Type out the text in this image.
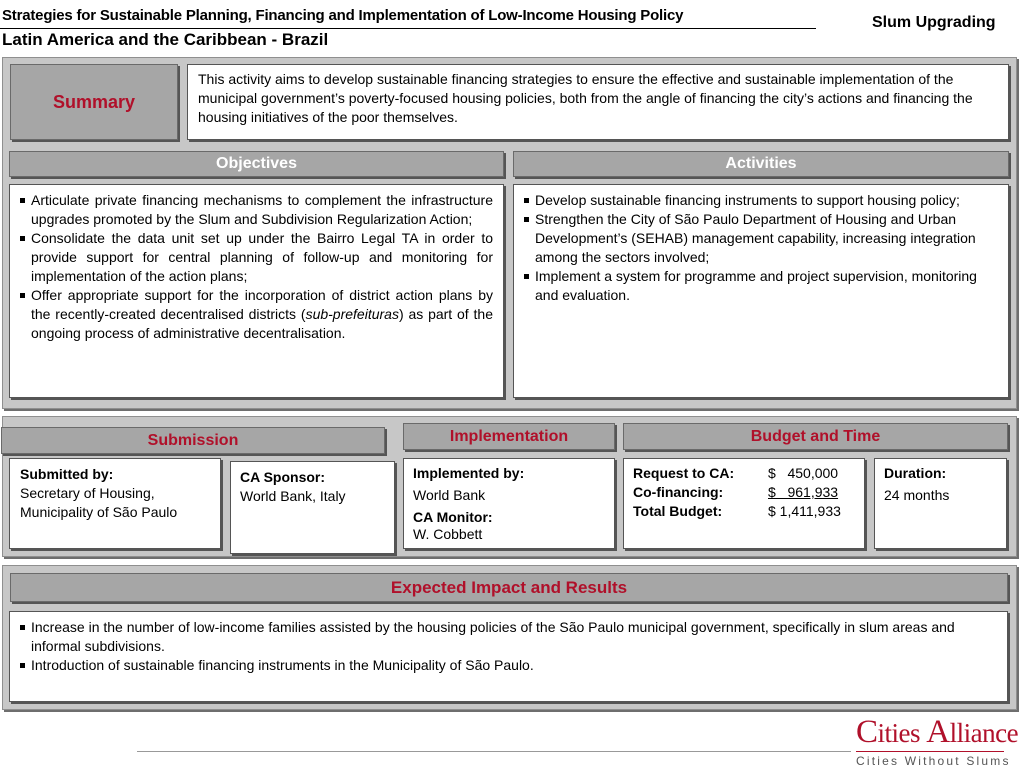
Strategies for Sustainable Planning, Financing and Implementation of Low-Income Housing Policy
Latin America and the Caribbean - Brazil
Slum Upgrading
Summary
This activity aims to develop sustainable financing strategies to ensure the effective and sustainable implementation of the municipal government’s poverty-focused housing policies, both from the angle of financing the city’s actions and financing the housing initiatives of the poor themselves.
Objectives	Activities
Articulate private financing mechanisms to complement the infrastructure upgrades promoted by the Slum and Subdivision Regularization Action;
Consolidate the data unit set up under the Bairro Legal TA in order to provide support for central planning of follow-up and monitoring for implementation of the action plans;
Offer appropriate support for the incorporation of district action plans by the recently-created decentralised districts (sub-prefeituras) as part of the ongoing process of administrative decentralisation.
Develop sustainable financing instruments to support housing policy;
Strengthen the City of São Paulo Department of Housing and Urban Development’s (SEHAB) management capability, increasing integration among the sectors involved;
Implement a system for programme and project supervision, monitoring and evaluation.
Submission	Implementation	Budget and Time
Submitted by:
Secretary of Housing, Municipality of São Paulo
CA Sponsor:
World Bank, Italy
Implemented by:
World Bank
CA Monitor:
W. Cobbett
Request to CA:	$   450,000
Co-financing:	$   961,933
Total Budget:	$ 1,411,933
Duration:
24 months
Expected Impact and Results
Increase in the number of low-income families assisted by the housing policies of the São Paulo municipal government, specifically in slum areas and informal subdivisions.
Introduction of sustainable financing instruments in the Municipality of São Paulo.
Cities Alliance
Cities Without Slums
